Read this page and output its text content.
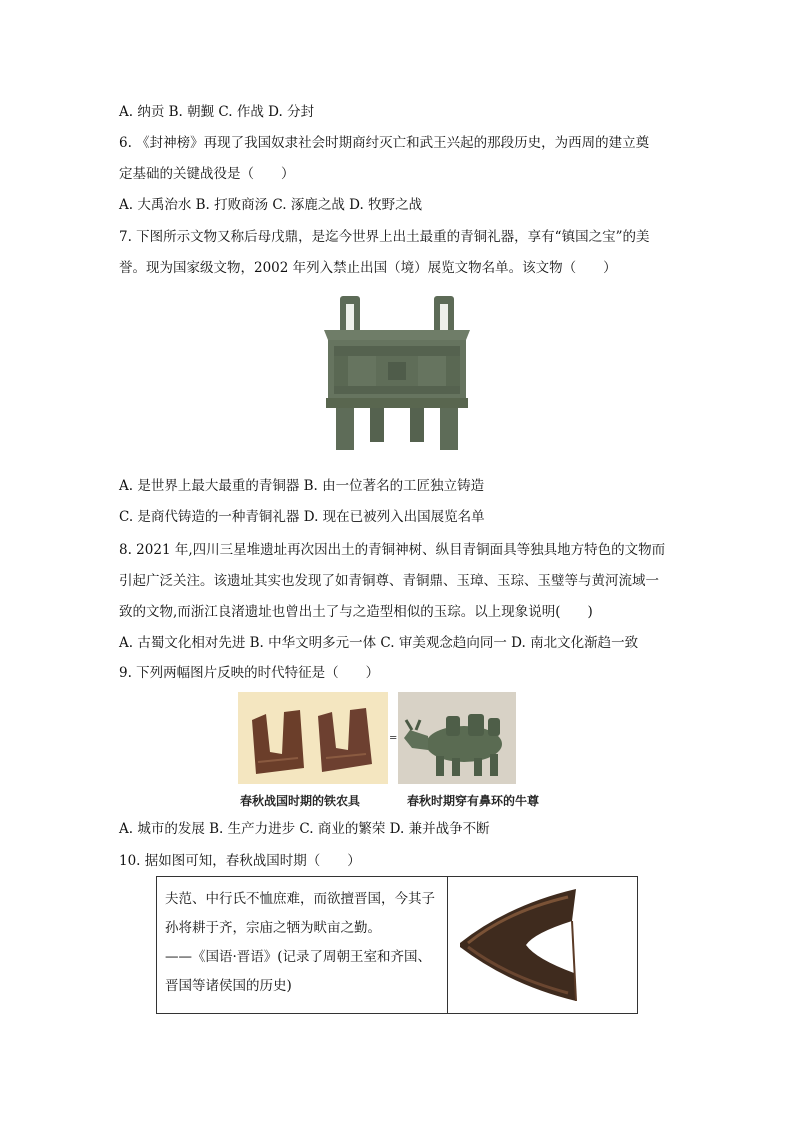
A. 纳贡 B. 朝觐 C. 作战 D. 分封
6. 《封神榜》再现了我国奴隶社会时期商纣灭亡和武王兴起的那段历史，为西周的建立奠
定基础的关键战役是（　　）
A. 大禹治水 B. 打败商汤 C. 涿鹿之战 D. 牧野之战
7. 下图所示文物又称后母戊鼎，是迄今世界上出土最重的青铜礼器，享有“镇国之宝”的美
誉。现为国家级文物，2002 年列入禁止出国（境）展览文物名单。该文物（　　）
A. 是世界上最大最重的青铜器 B. 由一位著名的工匠独立铸造
C. 是商代铸造的一种青铜礼器 D. 现在已被列入出国展览名单
8. 2021 年,四川三星堆遗址再次因出土的青铜神树、纵目青铜面具等独具地方特色的文物而
引起广泛关注。该遗址其实也发现了如青铜尊、青铜鼎、玉璋、玉琮、玉璧等与黄河流域一
致的文物,而浙江良渚遗址也曾出土了与之造型相似的玉琮。以上现象说明(　　)
A. 古蜀文化相对先进 B. 中华文明多元一体 C. 审美观念趋向同一 D. 南北文化渐趋一致
9. 下列两幅图片反映的时代特征是（　　）
=
春秋战国时期的铁农具	春秋时期穿有鼻环的牛尊
A. 城市的发展 B. 生产力进步 C. 商业的繁荣 D. 兼并战争不断
10. 据如图可知，春秋战国时期（　　）
夫范、中行氏不恤庶难，而欲擅晋国，今其子
孙将耕于齐，宗庙之牺为畎亩之勤。
——《国语·晋语》(记录了周朝王室和齐国、
晋国等诸侯国的历史)
